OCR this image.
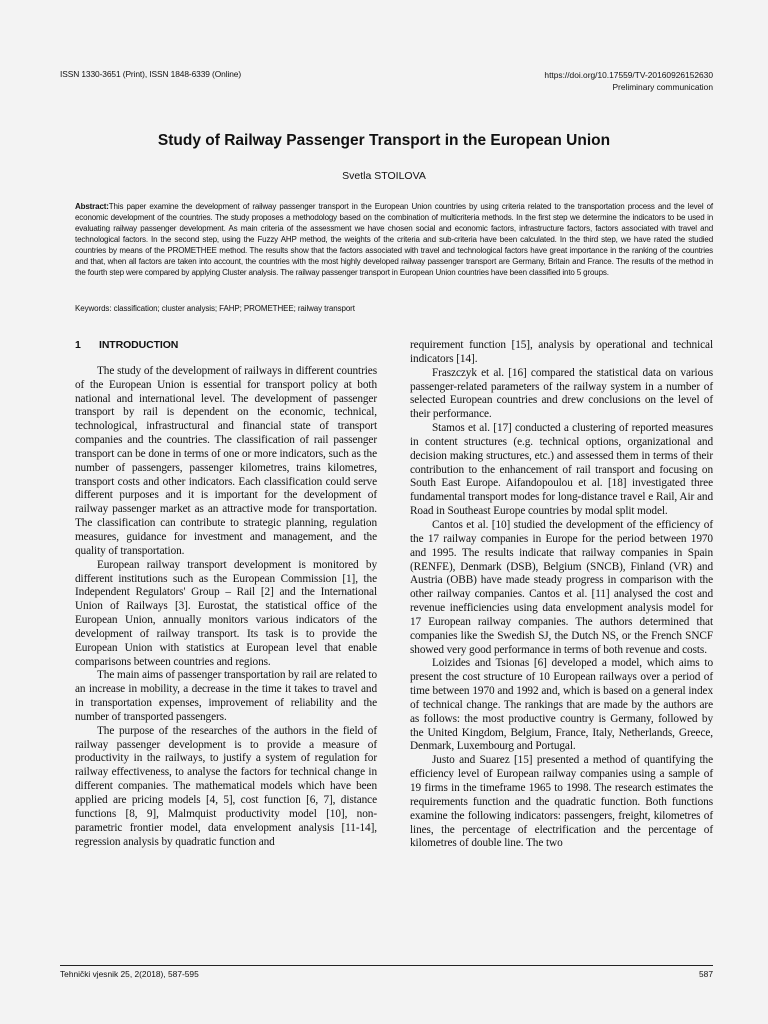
ISSN 1330-3651 (Print), ISSN 1848-6339 (Online)	https://doi.org/10.17559/TV-20160926152630
Preliminary communication
Study of Railway Passenger Transport in the European Union
Svetla STOILOVA
Abstract:This paper examine the development of railway passenger transport in the European Union countries by using criteria related to the transportation process and the level of economic development of the countries. The study proposes a methodology based on the combination of multicriteria methods. In the first step we determine the indicators to be used in evaluating railway passenger development. As main criteria of the assessment we have chosen social and economic factors, infrastructure factors, factors associated with travel and technological factors. In the second step, using the Fuzzy AHP method, the weights of the criteria and sub-criteria have been calculated. In the third step, we have rated the studied countries by means of the PROMETHEE method. The results show that the factors associated with travel and technological factors have great importance in the ranking of the countries and that, when all factors are taken into account, the countries with the most highly developed railway passenger transport are Germany, Britain and France. The results of the method in the fourth step were compared by applying Cluster analysis. The railway passenger transport in European Union countries have been classified into 5 groups.
Keywords: classification; cluster analysis; FAHP; PROMETHEE; railway transport
1 INTRODUCTION

The study of the development of railways in different countries of the European Union is essential for transport policy at both national and international level. The development of passenger transport by rail is dependent on the economic, technical, technological, infrastructural and financial state of transport companies and the countries. The classification of rail passenger transport can be done in terms of one or more indicators, such as the number of passengers, passenger kilometres, trains kilometres, transport costs and other indicators. Each classification could serve different purposes and it is important for the development of railway passenger market as an attractive mode for transportation. The classification can contribute to strategic planning, regulation measures, guidance for investment and management, and the quality of transportation.

European railway transport development is monitored by different institutions such as the European Commission [1], the Independent Regulators' Group – Rail [2] and the International Union of Railways [3]. Eurostat, the statistical office of the European Union, annually monitors various indicators of the development of railway transport. Its task is to provide the European Union with statistics at European level that enable comparisons between countries and regions.

The main aims of passenger transportation by rail are related to an increase in mobility, a decrease in the time it takes to travel and in transportation expenses, improvement of reliability and the number of transported passengers.

The purpose of the researches of the authors in the field of railway passenger development is to provide a measure of productivity in the railways, to justify a system of regulation for railway effectiveness, to analyse the factors for technical change in different companies. The mathematical models which have been applied are pricing models [4, 5], cost function [6, 7], distance functions [8, 9], Malmquist productivity model [10], non-parametric frontier model, data envelopment analysis [11-14], regression analysis by quadratic function and

requirement function [15], analysis by operational and technical indicators [14].

Fraszczyk et al. [16] compared the statistical data on various passenger-related parameters of the railway system in a number of selected European countries and drew conclusions on the level of their performance.

Stamos et al. [17] conducted a clustering of reported measures in content structures (e.g. technical options, organizational and decision making structures, etc.) and assessed them in terms of their contribution to the enhancement of rail transport and focusing on South East Europe. Aifandopoulou et al. [18] investigated three fundamental transport modes for long-distance travel e Rail, Air and Road in Southeast Europe countries by modal split model.

Cantos et al. [10] studied the development of the efficiency of the 17 railway companies in Europe for the period between 1970 and 1995. The results indicate that railway companies in Spain (RENFE), Denmark (DSB), Belgium (SNCB), Finland (VR) and Austria (OBB) have made steady progress in comparison with the other railway companies. Cantos et al. [11] analysed the cost and revenue inefficiencies using data envelopment analysis model for 17 European railway companies. The authors determined that companies like the Swedish SJ, the Dutch NS, or the French SNCF showed very good performance in terms of both revenue and costs.

Loizides and Tsionas [6] developed a model, which aims to present the cost structure of 10 European railways over a period of time between 1970 and 1992 and, which is based on a general index of technical change. The rankings that are made by the authors are as follows: the most productive country is Germany, followed by the United Kingdom, Belgium, France, Italy, Netherlands, Greece, Denmark, Luxembourg and Portugal.

Justo and Suarez [15] presented a method of quantifying the efficiency level of European railway companies using a sample of 19 firms in the timeframe 1965 to 1998. The research estimates the requirements function and the quadratic function. Both functions examine the following indicators: passengers, freight, kilometres of lines, the percentage of electrification and the percentage of kilometres of double line. The two

Tehnički vjesnik 25, 2(2018), 587-595	587
